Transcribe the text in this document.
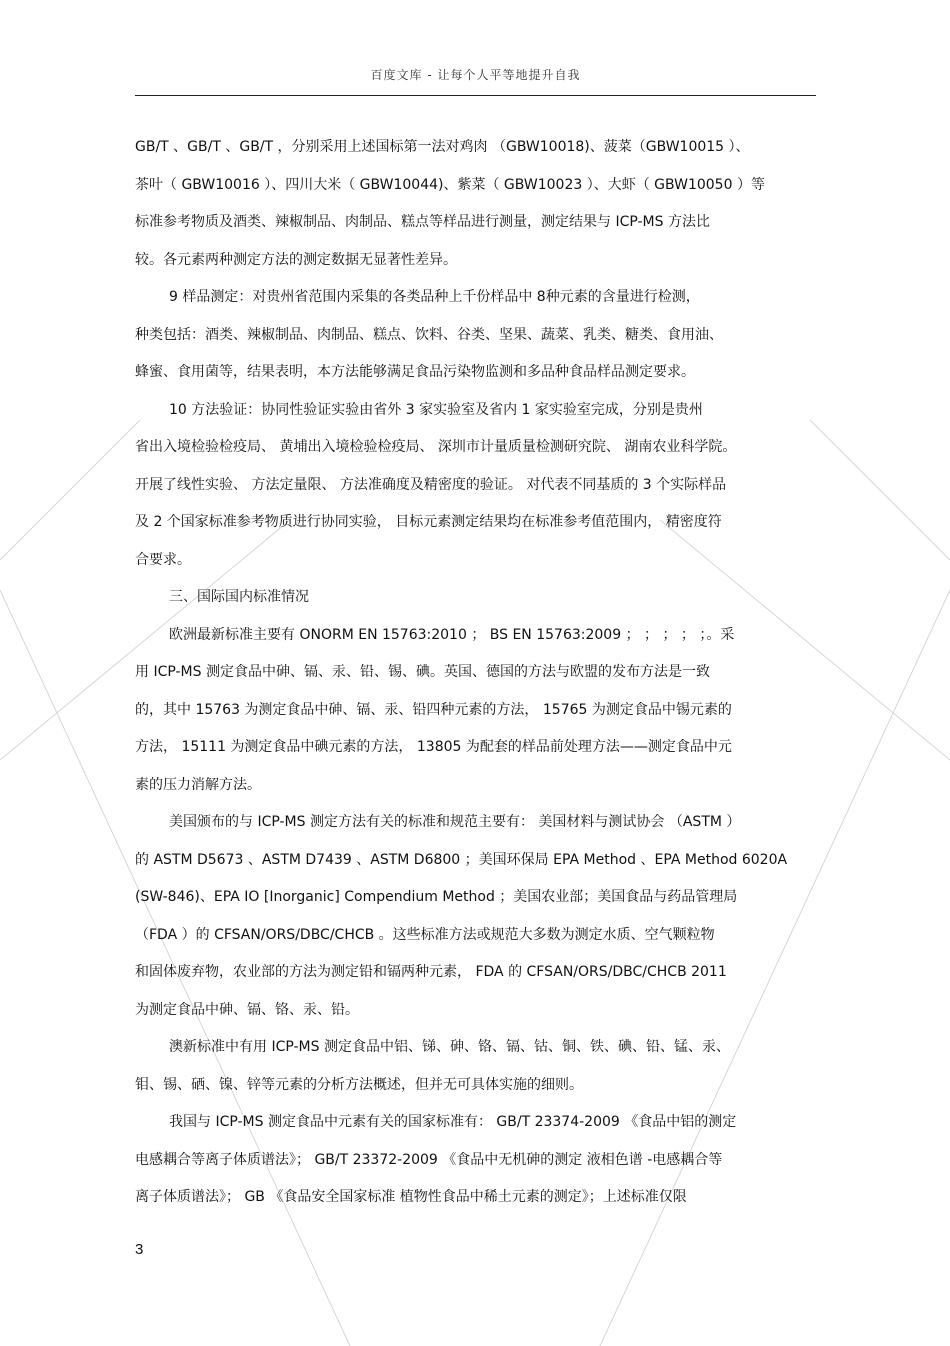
百度文库 - 让每个人平等地提升自我
GB/T 、GB/T 、GB/T ，分别采用上述国标第一法对鸡肉 （GBW10018)、菠菜（GBW10015 ）、
茶叶（ GBW10016 ）、四川大米（ GBW10044)、紫菜（ GBW10023 ）、大虾（ GBW10050 ）等
标准参考物质及酒类、辣椒制品、肉制品、糕点等样品进行测量，测定结果与 ICP-MS 方法比
较。各元素两种测定方法的测定数据无显著性差异。
9 样品测定：对贵州省范围内采集的各类品种上千份样品中 8种元素的含量进行检测，
种类包括：酒类、辣椒制品、肉制品、糕点、饮料、谷类、坚果、蔬菜、乳类、糖类、食用油、
蜂蜜、食用菌等，结果表明，本方法能够满足食品污染物监测和多品种食品样品测定要求。
10 方法验证：协同性验证实验由省外 3 家实验室及省内 1 家实验室完成，分别是贵州
省出入境检验检疫局、 黄埔出入境检验检疫局、 深圳市计量质量检测研究院、 湖南农业科学院。
开展了线性实验、 方法定量限、 方法准确度及精密度的验证。 对代表不同基质的 3 个实际样品
及 2 个国家标准参考物质进行协同实验， 目标元素测定结果均在标准参考值范围内， 精密度符
合要求。
三、国际国内标准情况
欧洲最新标准主要有 ONORM EN 15763:2010 ； BS EN 15763:2009 ； ； ； ； ；。采
用 ICP-MS 测定食品中砷、镉、汞、铅、锡、碘。英国、德国的方法与欧盟的发布方法是一致
的，其中 15763 为测定食品中砷、镉、汞、铅四种元素的方法， 15765 为测定食品中锡元素的
方法， 15111 为测定食品中碘元素的方法， 13805 为配套的样品前处理方法——测定食品中元
素的压力消解方法。
美国颁布的与 ICP-MS 测定方法有关的标准和规范主要有： 美国材料与测试协会 （ASTM ）
的 ASTM D5673 、ASTM D7439 、ASTM D6800 ；美国环保局 EPA Method 、EPA Method 6020A
(SW-846)、EPA IO [Inorganic] Compendium Method ；美国农业部；美国食品与药品管理局
（FDA ）的 CFSAN/ORS/DBC/CHCB 。这些标准方法或规范大多数为测定水质、空气颗粒物
和固体废弃物，农业部的方法为测定铅和镉两种元素， FDA 的 CFSAN/ORS/DBC/CHCB 2011
为测定食品中砷、镉、铬、汞、铅。
澳新标准中有用 ICP-MS 测定食品中铝、锑、砷、铬、镉、钴、铜、铁、碘、铅、锰、汞、
钼、锡、硒、镍、锌等元素的分析方法概述，但并无可具体实施的细则。
我国与 ICP-MS 测定食品中元素有关的国家标准有： GB/T 23374-2009 《食品中铝的测定
电感耦合等离子体质谱法》； GB/T 23372-2009 《食品中无机砷的测定 液相色谱 -电感耦合等
离子体质谱法》； GB 《食品安全国家标准 植物性食品中稀土元素的测定》；上述标准仅限
3
